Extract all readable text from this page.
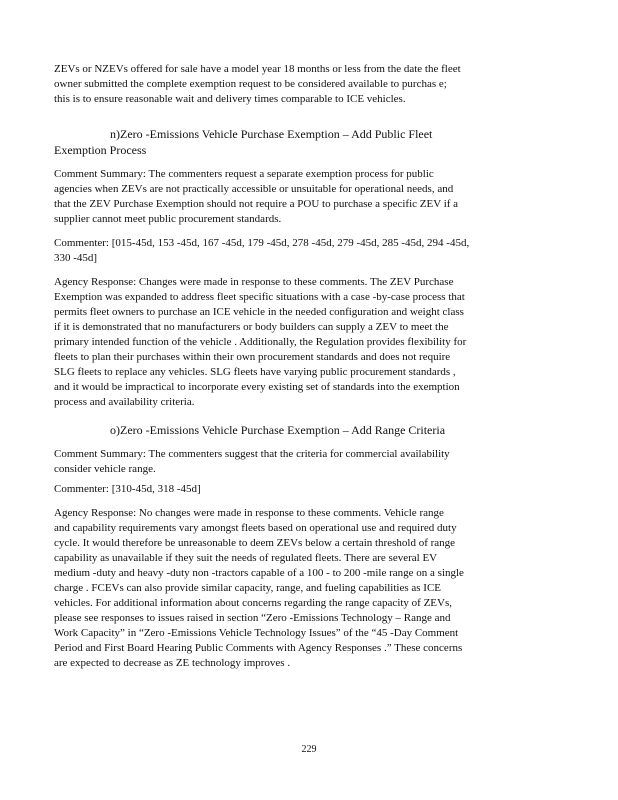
ZEVs or NZEVs offered for sale have a model year 18 months or less from the date the fleet

owner submitted the complete exemption request to be considered available to purchas e;

this is to ensure reasonable wait and delivery times comparable to ICE vehicles.

n)Zero -Emissions Vehicle Purchase Exemption – Add Public Fleet

Exemption Process

Comment Summary: The commenters request a separate exemption process for public

agencies when ZEVs are not practically accessible or unsuitable for operational needs, and

that the ZEV Purchase Exemption should not require a POU to purchase a specific ZEV if a

supplier cannot meet public procurement standards.

Commenter: [015-45d, 153 -45d, 167 -45d, 179 -45d, 278 -45d, 279 -45d, 285 -45d, 294 -45d,

330 -45d]

Agency Response: Changes were made in response to these comments. The ZEV Purchase

Exemption was expanded to address fleet specific situations with a case -by-case process that

permits fleet owners to purchase an ICE vehicle in the needed configuration and weight class

if it is demonstrated that no manufacturers or body builders can supply a ZEV to meet the

primary intended function of the vehicle . Additionally, the Regulation provides flexibility for

fleets to plan their purchases within their own procurement standards and does not require

SLG fleets to replace any vehicles. SLG fleets have varying public procurement standards ,

and it would be impractical to incorporate every existing set of standards into the exemption

process and availability criteria.

o)Zero -Emissions Vehicle Purchase Exemption – Add Range Criteria

Comment Summary: The commenters suggest that the criteria for commercial availability

consider vehicle range.

Commenter: [310-45d, 318 -45d]

Agency Response: No changes were made in response to these comments. Vehicle range

and capability requirements vary amongst fleets based on operational use and required duty

cycle. It would therefore be unreasonable to deem ZEVs below a certain threshold of range

capability as unavailable if they suit the needs of regulated fleets. There are several EV

medium -duty and heavy -duty non -tractors capable of a 100 - to 200 -mile range on a single

charge . FCEVs can also provide similar capacity, range, and fueling capabilities as ICE

vehicles. For additional information about concerns regarding the range capacity of ZEVs,

please see responses to issues raised in section “Zero -Emissions Technology – Range and

Work Capacity” in “Zero -Emissions Vehicle Technology Issues” of the “45 -Day Comment

Period and First Board Hearing Public Comments with Agency Responses .” These concerns

are expected to decrease as ZE technology improves .

229
